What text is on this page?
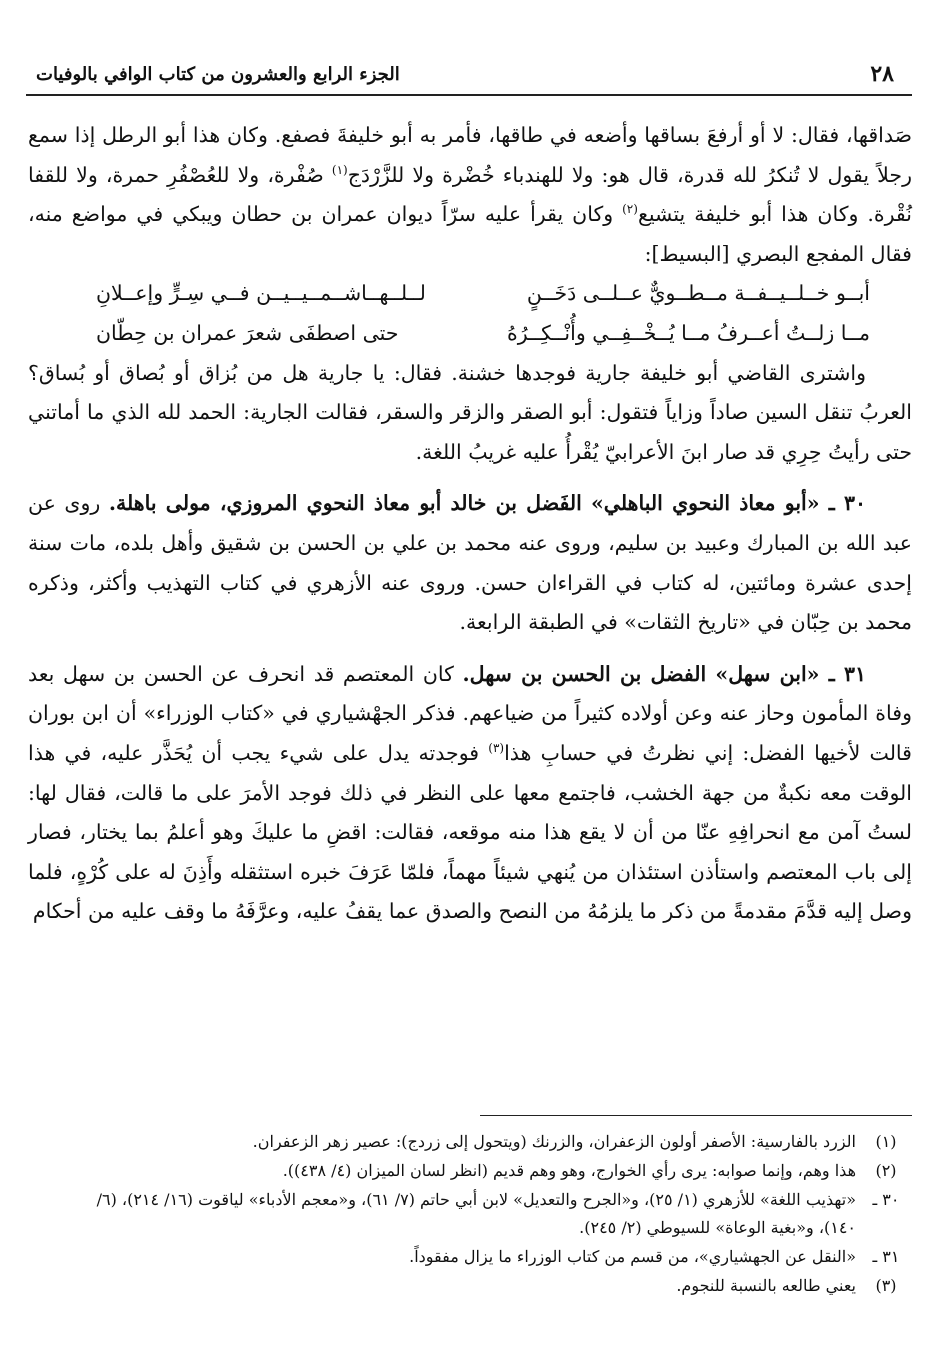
٢٨
الجزء الرابع والعشرون من كتاب الوافي بالوفيات

صَداقها، فقال: لا أو أرفعَ بساقها وأضعه في طاقها، فأمر به أبو خليفةَ فصفع. وكان هذا أبو الرطل إذا سمع رجلاً يقول لا تُنكرُ لله قدرة، قال هو: ولا للهندباء خُضْرة ولا للزَّرْدَج$^{(١)}$ صُفْرة، ولا للعُصْفُرِ حمرة، ولا للقفا نُقْرة. وكان هذا أبو خليفة يتشيع$^{(٢)}$ وكان يقرأ عليه سرّاً ديوان عمران بن حطان ويبكي في مواضع منه، فقال المفجع البصري [البسيط]:

أبــو خــلــيــفــة مــطــويٌّ عــلــى دَخَــنٍ
لــلــهــاشــمــيــيــن فــي سِـرٍّ وإعــلانِ
مــا زلــتُ أعــرفُ مــا يُــخْــفِــي وأُنْــكِــرُهُ
حتى اصطفَى شعرَ عمران بن حِطّان

واشترى القاضي أبو خليفة جارية فوجدها خشنة. فقال: يا جارية هل من بُزاق أو بُصاق أو بُساق؟ العربُ تنقل السين صاداً وزاياً فتقول: أبو الصقر والزقر والسقر، فقالت الجارية: الحمد لله الذي ما أماتني حتى رأيتُ حِرِي قد صار ابنَ الأعرابيّ يُقْرأُ عليه غريبُ اللغة.

٣٠ ـ «أبو معاذ النحوي الباهلي» الفَضل بن خالد أبو معاذ النحوي المروزي، مولى باهلة. روى عن عبد الله بن المبارك وعبيد بن سليم، وروى عنه محمد بن علي بن الحسن بن شقيق وأهل بلده، مات سنة إحدى عشرة ومائتين، له كتاب في القراءان حسن. وروى عنه الأزهري في كتاب التهذيب وأكثر، وذكره محمد بن حِبّان في «تاريخ الثقات» في الطبقة الرابعة.

٣١ ـ «ابن سهل» الفضل بن الحسن بن سهل. كان المعتصم قد انحرف عن الحسن بن سهل بعد وفاة المأمون وحاز عنه وعن أولاده كثيراً من ضياعهم. فذكر الجهْشياري في «كتاب الوزراء» أن ابن بوران قالت لأخيها الفضل: إني نظرتُ في حسابِ هذا$^{(٣)}$ فوجدته يدل على شيء يجب أن يُحَذَّر عليه، في هذا الوقت معه نكبةٌ من جهة الخشب، فاجتمع معها على النظر في ذلك فوجد الأمرَ على ما قالت، فقال لها: لستُ آمن مع انحرافِهِ عنّا من أن لا يقع هذا منه موقعه، فقالت: اقضِ ما عليكَ وهو أعلمُ بما يختار، فصار إلى باب المعتصم واستأذن استئذان من يُنهي شيئاً مهماً، فلمّا عَرَفَ خبره استثقله وأَذِنَ له على كُرْهٍ، فلما وصل إليه قدَّمَ مقدمةً من ذكر ما يلزمُهُ من النصح والصدق عما يقفُ عليه، وعرَّفَهُ ما وقف عليه من أحكام

(١)
الزرد بالفارسية: الأصفر أولون الزعفران، والزرنك (ويتحول إلى زردج): عصير زهر الزعفران.
(٢)
هذا وهم، وإنما صوابه: يرى رأي الخوارج، وهو وهم قديم (انظر لسان الميزان (٤/ ٤٣٨)).
٣٠ ـ
«تهذيب اللغة» للأزهري (١/ ٢٥)، و«الجرح والتعديل» لابن أبي حاتم (٧/ ٦١)، و«معجم الأدباء» لياقوت (١٦/ ٢١٤)، (٦/ ١٤٠)، و«بغية الوعاة» للسيوطي (٢/ ٢٤٥).
٣١ ـ
«النقل عن الجهشياري»، من قسم من كتاب الوزراء ما يزال مفقوداً.
(٣)
يعني طالعه بالنسبة للنجوم.
